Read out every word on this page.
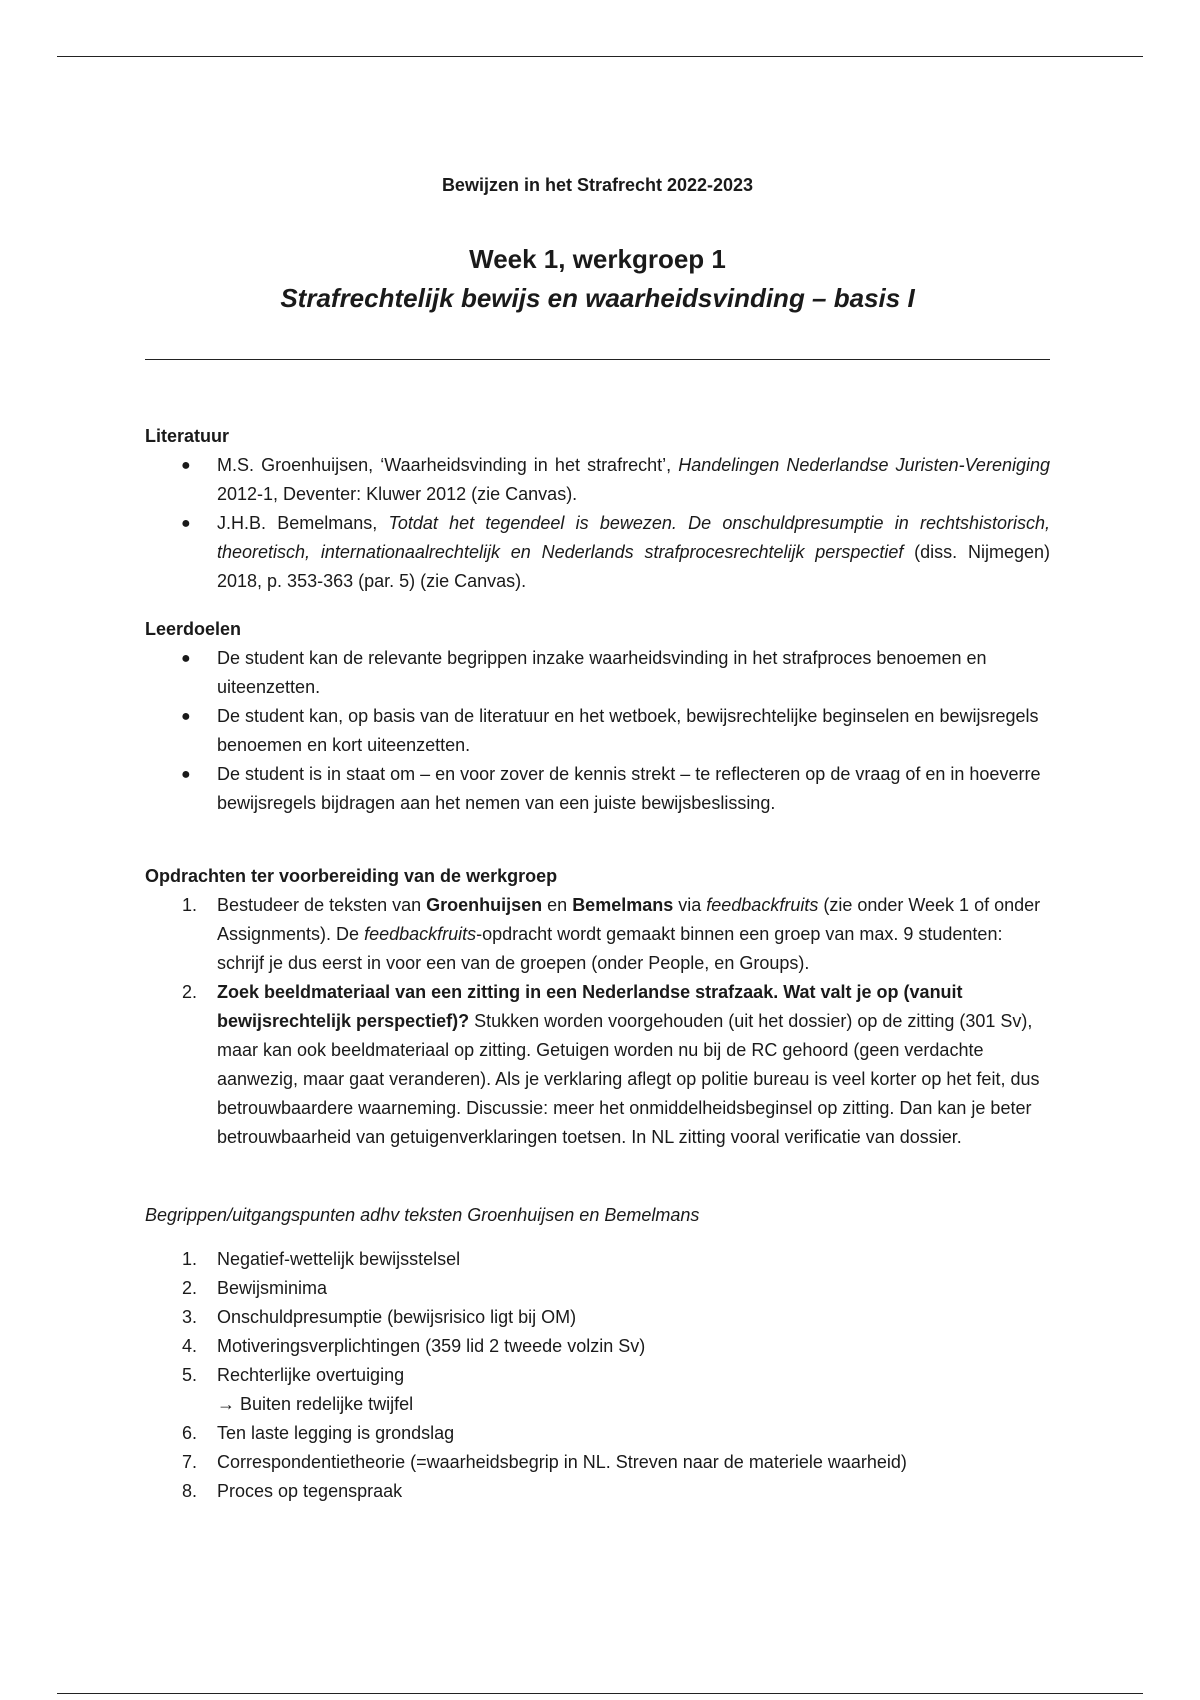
Bewijzen in het Strafrecht 2022-2023
Week 1, werkgroep 1
Strafrechtelijk bewijs en waarheidsvinding – basis I
Literatuur
● M.S. Groenhuijsen, ‘Waarheidsvinding in het strafrecht’, Handelingen Nederlandse Juristen-Vereniging 2012-1, Deventer: Kluwer 2012 (zie Canvas).
● J.H.B. Bemelmans, Totdat het tegendeel is bewezen. De onschuldpresumptie in rechtshistorisch, theoretisch, internationaalrechtelijk en Nederlands strafprocesrechtelijk perspectief (diss. Nijmegen) 2018, p. 353-363 (par. 5) (zie Canvas).
Leerdoelen
● De student kan de relevante begrippen inzake waarheidsvinding in het strafproces benoemen en uiteenzetten.
● De student kan, op basis van de literatuur en het wetboek, bewijsrechtelijke beginselen en bewijsregels benoemen en kort uiteenzetten.
● De student is in staat om – en voor zover de kennis strekt – te reflecteren op de vraag of en in hoeverre bewijsregels bijdragen aan het nemen van een juiste bewijsbeslissing.
Opdrachten ter voorbereiding van de werkgroep
1. Bestudeer de teksten van Groenhuijsen en Bemelmans via feedbackfruits (zie onder Week 1 of onder Assignments). De feedbackfruits-opdracht wordt gemaakt binnen een groep van max. 9 studenten: schrijf je dus eerst in voor een van de groepen (onder People, en Groups).
2. Zoek beeldmateriaal van een zitting in een Nederlandse strafzaak. Wat valt je op (vanuit bewijsrechtelijk perspectief)? Stukken worden voorgehouden (uit het dossier) op de zitting (301 Sv), maar kan ook beeldmateriaal op zitting. Getuigen worden nu bij de RC gehoord (geen verdachte aanwezig, maar gaat veranderen). Als je verklaring aflegt op politie bureau is veel korter op het feit, dus betrouwbaardere waarneming. Discussie: meer het onmiddelheidsbeginsel op zitting. Dan kan je beter betrouwbaarheid van getuigenverklaringen toetsen. In NL zitting vooral verificatie van dossier.
Begrippen/uitgangspunten adhv teksten Groenhuijsen en Bemelmans
1. Negatief-wettelijk bewijsstelsel
2. Bewijsminima
3. Onschuldpresumptie (bewijsrisico ligt bij OM)
4. Motiveringsverplichtingen (359 lid 2 tweede volzin Sv)
5. Rechterlijke overtuiging
→ Buiten redelijke twijfel
6. Ten laste legging is grondslag
7. Correspondentietheorie (=waarheidsbegrip in NL. Streven naar de materiele waarheid)
8. Proces op tegenspraak
